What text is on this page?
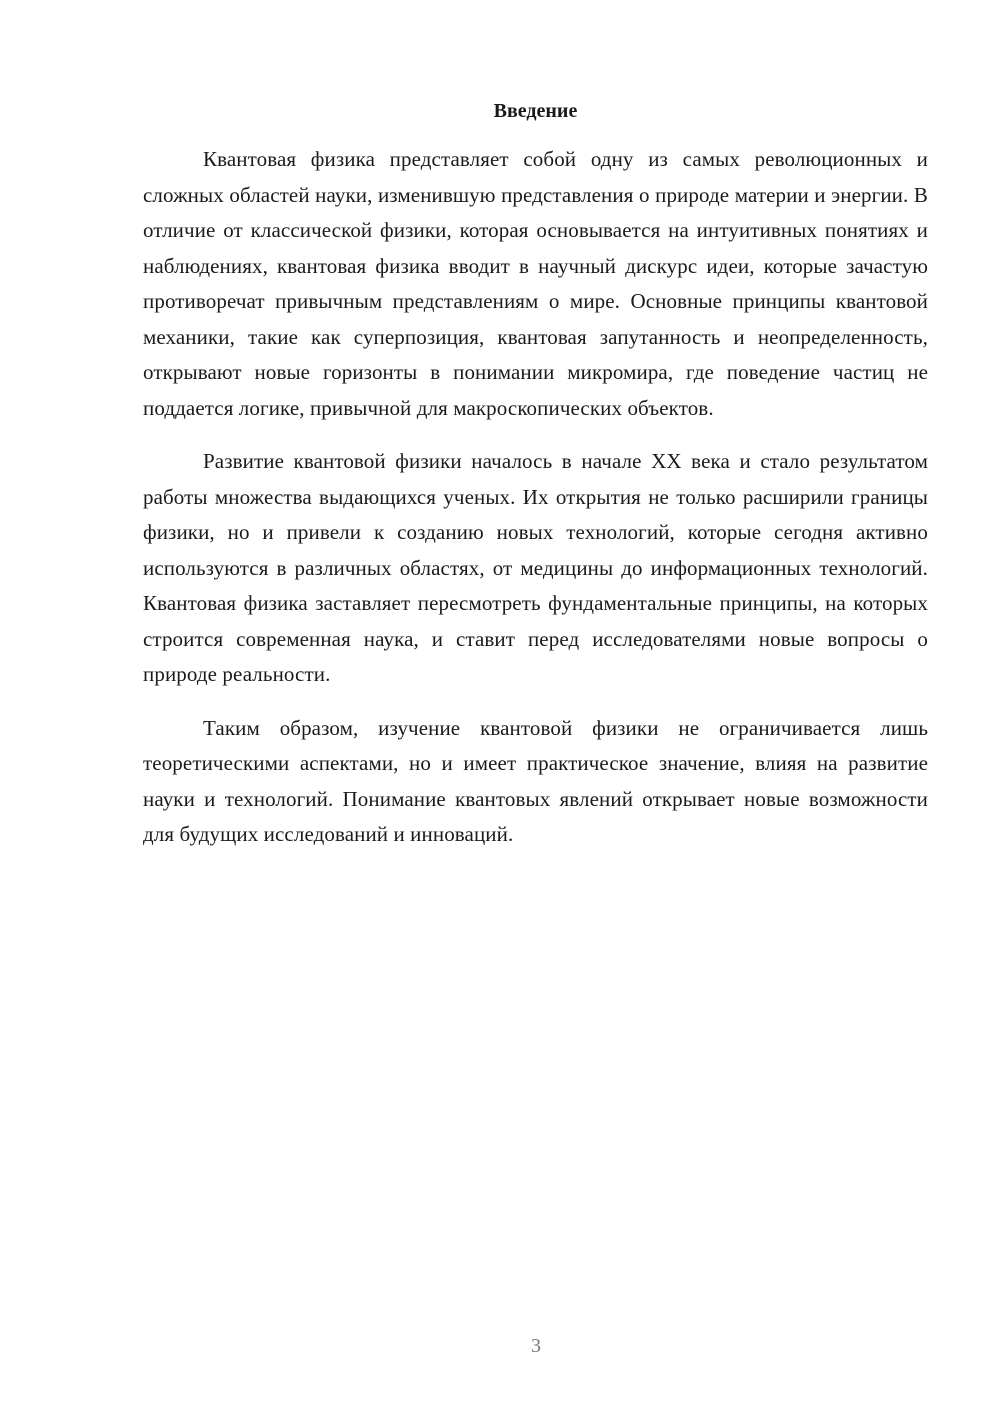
Введение

Квантовая физика представляет собой одну из самых революционных и сложных областей науки, изменившую представления о природе материи и энергии. В отличие от классической физики, которая основывается на интуитивных понятиях и наблюдениях, квантовая физика вводит в научный дискурс идеи, которые зачастую противоречат привычным представлениям о мире. Основные принципы квантовой механики, такие как суперпозиция, квантовая запутанность и неопределенность, открывают новые горизонты в понимании микромира, где поведение частиц не поддается логике, привычной для макроскопических объектов.

Развитие квантовой физики началось в начале XX века и стало результатом работы множества выдающихся ученых. Их открытия не только расширили границы физики, но и привели к созданию новых технологий, которые сегодня активно используются в различных областях, от медицины до информационных технологий. Квантовая физика заставляет пересмотреть фундаментальные принципы, на которых строится современная наука, и ставит перед исследователями новые вопросы о природе реальности.

Таким образом, изучение квантовой физики не ограничивается лишь теоретическими аспектами, но и имеет практическое значение, влияя на развитие науки и технологий. Понимание квантовых явлений открывает новые возможности для будущих исследований и инноваций.

3
